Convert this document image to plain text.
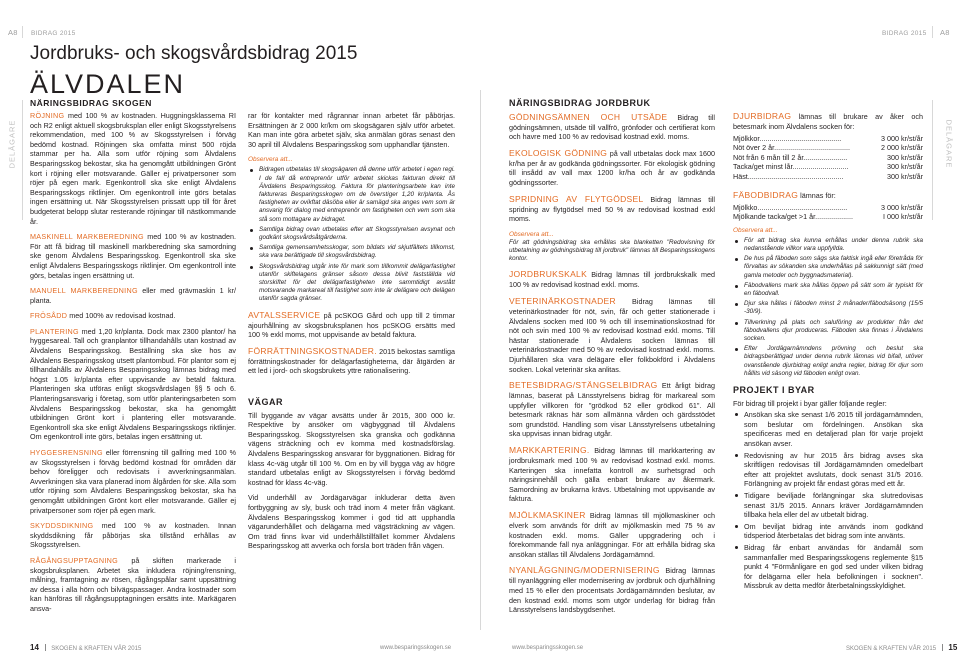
A8 BIDRAG 2015	BIDRAG 2015 A8
DELÅGARE	DELÅGARE
Jordbruks- och skogsvårdsbidrag 2015
ÄLVDALEN
NÄRINGSBIDRAG SKOGEN

RÖJNING med 100 % av kostnaden. Huggningsklassema RI och R2 enligt aktuell skogsbruksplan eller enligt Skogsstyrelsens rekommendation, med 100 % av Skogsstyrelsen i förväg bedömd kostnad. Röjningen ska omfatta minst 500 röjda stammar per ha. Alla som utför röjning som Älvdalens Besparingsskog bekostar, ska ha genomgått utbildningen Grönt kort i röjning eller motsvarande. Gäller ej privatpersoner som röjer på egen mark. Egenkontroll ska ske enligt Älvdalens Besparingsskogs riktlinjer. Om egenkontroll inte görs betalas ingen ersättning ut. När Skogsstyrelsen prissatt upp till för året budgeterat belopp slutar resterande röjningar till nästkommande år.

MASKINELL MARKBEREDNING med 100 % av kostnaden. För att få bidrag till maskinell markberedning ska samordning ske genom Älvdalens Besparingsskog. Egenkontroll ska ske enligt Älvdalens Besparingsskogs riktlinjer. Om egenkontroll inte görs, betalas ingen ersättning ut.

MANUELL MARKBEREDNING eller med grävmaskin 1 kr/ planta.

FRÖSÅDD med 100% av redovisad kostnad.

PLANTERING med 1,20 kr/planta. Dock max 2300 plantor/ ha hyggesareal. Tall och granplantor tillhandahålls utan kostnad av Älvdalens Besparingsskog. Beställning ska ske hos av Älvdalens Besparingsskog utsett plantombud. För plantor som ej tillhandahålls av Älvdalens Besparingsskog lämnas bidrag med högst 1.05 kr/planta efter uppvisande av betald faktura. Planteringen ska utföras enligt skogsvårdslagen §§ 5 och 6. Planteringsansvarig i företag, som utför planteringsarbeten som Älvdalens Besparingsskog bekostar, ska ha genomgått utbildningen Grönt kort i plantering eller motsvarande. Egenkontroll ska ske enligt Älvdalens Besparingsskogs riktlinjer. Om egenkontroll inte görs, betalas ingen ersättning ut.

HYGGESRENSNING eller förrensning till gallring med 100 % av Skogsstyrelsen i förväg bedömd kostnad för områden där behov föreligger och redovisats i avverkningsanmälan. Avverkningen ska vara planerad inom ålgården för ske. Alla som utför röjning som Älvdalens Besparingsskog bekostar, ska ha genomgått utbildningen Grönt kort eller motsvarande. Gäller ej privatpersoner som röjer på egen mark.

SKYDDSDIKNING med 100 % av kostnaden. Innan skyddsdikning får påbörjas ska tillstånd erhållas av Skogsstyrelsen.

RÅGÅNGSUPPTAGNING på skiften markerade i skogsbruksplanen. Arbetet ska inkludera röjning/rensning, målning, framtagning av rösen, rågångspålar samt uppsättning av dessa i alla hörn och bilvägspassager. Andra kostnader som kan hänföras till rågångsupptagningen ersätts inte. Markägaren ansva-

rar för kontakter med rågrannar innan arbetet får påbörjas. Ersättningen är 2 000 kr/km om skogsägaren själv utför arbetet. Kan man inte göra arbetet själv, ska anmälan göras senast den 30 april till Älvdalens Besparingsskog som upphandlar tjänsten.

Observera att...
Bidragen utbetalas till skogsägaren då denne utför arbetet i egen regi. I de fall då entreprenör utför arbetet skickas fakturan direkt till Älvdalens Besparingsskog. Faktura för planteringsarbete kan inte faktureras Besparingsskogen om de överstiger 1,20 kr/planta. Ås fastigheten av ovikftat däsöba eller är samägd ska anges vem som är ansvarig för dialog med entreprenör om fastigheten och vem som ska stå som mottagare av bidraget.
Samtliga bidrag ovan utbetalas efter att Skogsstyrelsen avsynat och godkänt skogsvårdsåtgärderna.
Samtliga gemensamhetsskogar, som bildats vid skjutfältets tillkomst, ska vara berättigade till skogsvårdsbidrag.
Skogsvårdsbidrag utgår inte för mark som tillkommit delägarfastighet utanför skiftelagens gränser såsom dessa blivit fastställda vid storskiftet för det delägarfastigheten inte sammtidigt avstått motsvarande markareal till fastighet som inte är delägare och delägen utanför sagda gränser.

AVTALSSERVICE på pcSKOG Gård och upp till 2 timmar ajourhållning av skogsbruksplanen hos pcSKOG ersätts med 100 % exkl moms, mot uppvisande av betald faktura.

FÖRRÄTTNINGSKOSTNADER. 2015 bekostas samtliga förrättningskostnader för delägarfastigheterna, där åtgärden är ett led i jord- och skogsbrukets yttre rationalisering.

VÄGAR

Till byggande av vägar avsätts under år 2015, 300 000 kr. Respektive by ansöker om vägbyggnad till Älvdalens Besparingsskog. Skogsstyrelsen ska granska och godkänna vägens sträckning och ev komma med kostnadsförslag. Älvdalens Besparingsskog ansvarar för byggnationen. Bidrag för klass 4c-väg utgår till 100 %. Om en by vill bygga väg av högre standard utbetalas enligt av Skogsstyrelsen i förväg bedömd kostnad för klass 4c-väg.

Vid underhåll av Jordägarvägar inkluderar detta även fortbyggning av sly, busk och träd inom 4 meter från vägkant. Älvdalens Besparingsskog kommer i god tid att upphandla vägarunderhållet och delägarna med vägsträckning av vägen. Om träd finns kvar vid underhållstillfället kommer Älvdalens Besparingsskog att avverka och forsla bort träden från vägen.

NÄRINGSBIDRAG JORDBRUK

GÖDNINGSÄMNEN OCH UTSÄDE Bidrag till gödningsämnen, utsäde till vallfrö, grönfoder och certifierat korn och havre med 100 % av redovisad kostnad exkl. moms.

EKOLOGISK GÖDNING på vall utbetalas dock max 1600 kr/ha per år av godkända gödningssorter. För ekologisk gödning till insådd av vall max 1200 kr/ha och år av godkända gödningssorter.

SPRIDNING AV FLYTGÖDSEL Bidrag lämnas till spridning av flytgödsel med 50 % av redovisad kostnad exkl moms.

Observera att...

För att gödningsbidrag ska erhållas ska blanketten "Redovisning för utbetalning av gödningsbidrag till jordbruk" lämnas till Besparingsskogens kontor.

JORDBRUKSKALK Bidrag lämnas till jordbrukskalk med 100 % av redovisad kostnad exkl. moms.

VETERINÄRKOSTNADER Bidrag lämnas till veterinärkostnader för nöt, svin, får och getter stationerade i Älvdalens socken med I00 % och till inseminationskostnad för nöt och svin med 100 % av redovisad kostnad exkl. moms. Till hästar stationerade i Älvdalens socken lämnas till veterinärkostnader med 50 % av redovisad kostnad exkl. moms. Djurhållaren ska vara delägare eller folkbokförd i Älvdalens socken. Lokal veterinär ska anlitas.

BETESBIDRAG/STÄNGSELBIDRAG Ett årligt bidrag lämnas, baserat på Länsstyrelsens bidrag för markareal som uppfyller villkoren för "grödkod 52 eller grödkod 61". All betesmark räknas här som allmänna vården och gärdsstödet som grundstöd. Handling som visar Länsstyrelsens utbetalning ska uppvisas innan bidrag utgår.

MARKKARTERING. Bidrag lämnas till markkartering av jordbruksmark med 100 % av redovisad kostnad exkl. moms. Karteringen ska innefatta kontroll av surhetsgrad och näringsinnehåll och gälla enbart brukare av åkermark. Samordning av brukarna krävs. Utbetalning mot uppvisande av faktura.

MJÖLKMASKINER Bidrag lämnas till mjölkmaskiner och elverk som används för drift av mjölkmaskin med 75 % av kostnaden exkl. moms. Gäller uppgradering och i förekommande fall nya anläggningar. För att erhålla bidrag ska ansökan ställas till Älvdalens Jordägarnämnd.

NYANLÄGGNING/MODERNISERING Bidrag lämnas till nyanläggning eller modernisering av jordbruk och djurhållning med 15 % eller den procentsats Jordägarnämnden beslutar, av den kostnad exkl. moms som utgör underlag för bidrag från Länsstyrelsens landsbygdsenhet.

DJURBIDRAG lämnas till brukare av åker och betesmark inom Älvdalens socken för:

Mjölkkor.........................................	3 000 kr/st/år
Nöt över 2 år......................................	2 000 kr/st/år
Nöt från 6 mån till 2 år......................	300 kr/st/år
Tacka/get minst lår............................	300 kr/st/år
Häst................................................	300 kr/st/år

FÄBODBIDRAG lämnas för:

Mjölkko.............................................	3 000 kr/st/år
Mjölkande tacka/get >1 år...................	I 000 kr/st/år
Observera att...
För att bidrag ska kunna erhållas under denna rubrik ska nedanstående villkor vara uppfyllda.
De hus på fäboden som sägs ska faktisk ingå eller företråda för förvaltas av sökanden ska underhållas på sakkunnigt sätt (med gamla metoder och byggnadsmaterial).
Fäbodvallens mark ska hållas öppen på sätt som är typiskt för en fäbodvall.
Djur ska hållas i fäboden minst 2 månader/fäbodsäsong (15/5 -30/9).
Tillverkning på plats och saluföring av produkter från det fäbodvallens djur produceras. Fäboden ska finnas i Älvdalens socken.
Efter Jordägarnämndens prövning och beslut ska bidragsberättigad under denna rubrik lämnas vid bifall, utöver ovanstående djurbidrag enligt andra regler, bidrag för djur som hållits vid säsong vid fäboden enligt ovan.
PROJEKT I BYAR

För bidrag till projekt i byar gäller följande regler:

Ansökan ska ske senast 1/6 2015 till jordägarnämnden, som beslutar om fördelningen. Ansökan ska specificeras med en detaljerad plan för varje projekt ansökan avser.
Redovisning av hur 2015 års bidrag avses ska skriftligen redovisas till Jordägarnämnden omedelbart efter att projektet avslutats, dock senast 31/5 2016. Förlängning av projekt får endast göras med ett år.
Tidigare beviljade förlängningar ska slutredovisas senast 31/5 2015. Annars kräver Jordägarnämnden tillbaka hela eller del av utbetalt bidrag.
Om beviljat bidrag inte används inom godkänd tidsperiod återbetalas det bidrag som inte använts.
Bidrag får enbart användas för ändamål som sammanfaller med Besparingsskogens reglemente §15 punkt 4 "Förmånligare en god sed under vilken bidrag för delägarna eller hela befolkningen i socknen". Missbruk av detta medför återbetalningsskyldighet.
14 SKOGEN & KRAFTEN VÅR 2015	www.besparingsskogen.se	www.besparingsskogen.se	SKOGEN & KRAFTEN VÅR 2015 15
